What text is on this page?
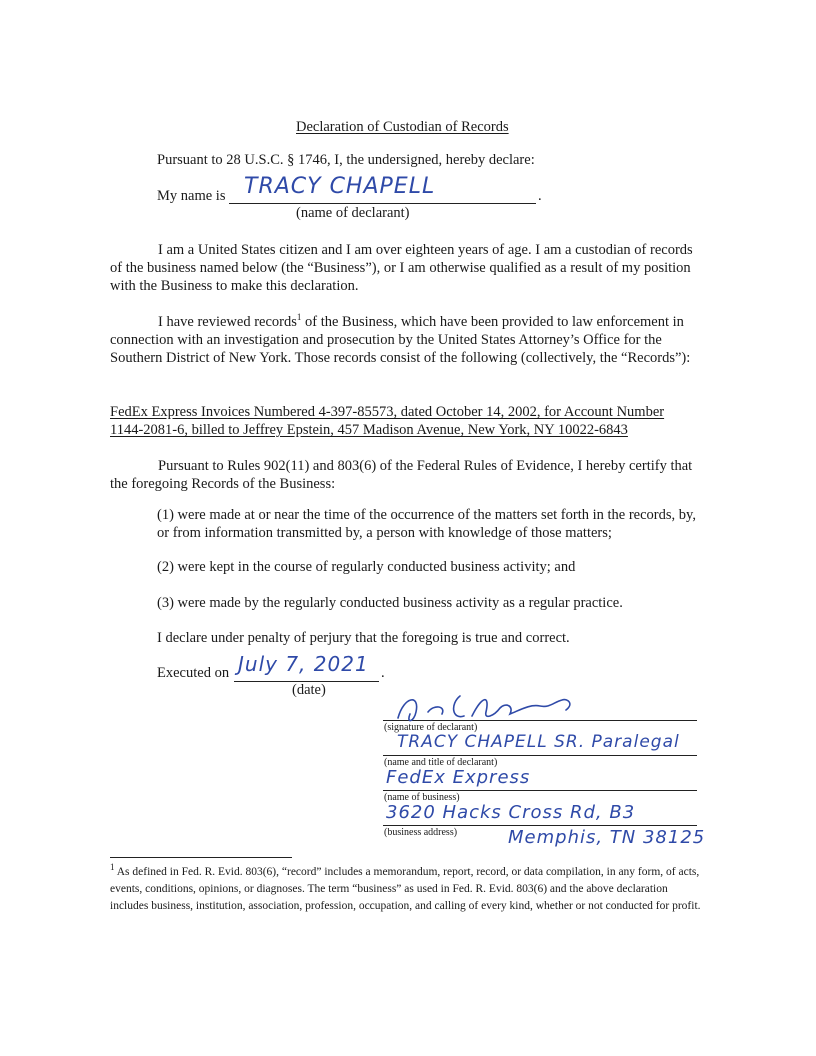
Declaration of Custodian of Records
Pursuant to 28 U.S.C. § 1746, I, the undersigned, hereby declare:
My name is TRACY CHAPELL	.
(name of declarant)
I am a United States citizen and I am over eighteen years of age. I am a custodian of records of the business named below (the “Business”), or I am otherwise qualified as a result of my position with the Business to make this declaration.
I have reviewed records$^1$ of the Business, which have been provided to law enforcement in connection with an investigation and prosecution by the United States Attorney’s Office for the Southern District of New York. Those records consist of the following (collectively, the “Records”):
FedEx Express Invoices Numbered 4-397-85573, dated October 14, 2002, for Account Number
1144-2081-6, billed to Jeffrey Epstein, 457 Madison Avenue, New York, NY 10022-6843
Pursuant to Rules 902(11) and 803(6) of the Federal Rules of Evidence, I hereby certify that the foregoing Records of the Business:
(1) were made at or near the time of the occurrence of the matters set forth in the records, by, or from information transmitted by, a person with knowledge of those matters;
(2) were kept in the course of regularly conducted business activity; and
(3) were made by the regularly conducted business activity as a regular practice.
I declare under penalty of perjury that the foregoing is true and correct.
Executed on July 7, 2021 .
(date)
(signature of declarant)
TRACY CHAPELL SR. Paralegal
(name and title of declarant)
FedEx Express
(name of business)
3620 Hacks Cross Rd, B3
(business address)	Memphis, TN 38125
$^1$ As defined in Fed. R. Evid. 803(6), “record” includes a memorandum, report, record, or data compilation, in any form, of acts, events, conditions, opinions, or diagnoses. The term “business” as used in Fed. R. Evid. 803(6) and the above declaration includes business, institution, association, profession, occupation, and calling of every kind, whether or not conducted for profit.
